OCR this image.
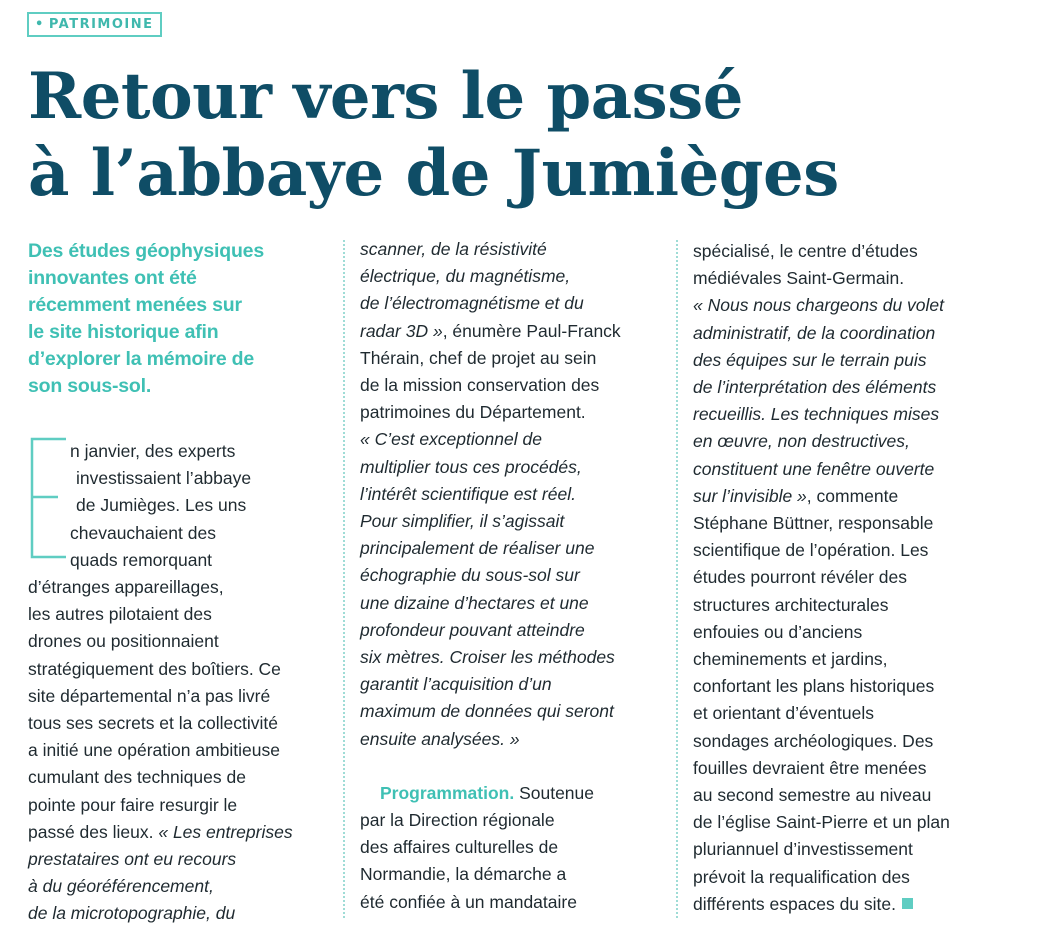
• PATRIMOINE
Retour vers le passé
à l’abbaye de Jumièges

Des études géophysiques
innovantes ont été
récemment menées sur
le site historique afin
d’explorer la mémoire de
son sous-sol.

n janvier, des experts
investissaient l’abbaye
de Jumièges. Les uns
chevauchaient des
quads remorquant
d’étranges appareillages,
les autres pilotaient des
drones ou positionnaient
stratégiquement des boîtiers. Ce
site départemental n’a pas livré
tous ses secrets et la collectivité
a initié une opération ambitieuse
cumulant des techniques de
pointe pour faire resurgir le
passé des lieux. « Les entreprises
prestataires ont eu recours
à du géoréférencement,
de la microtopographie, du

scanner, de la résistivité
électrique, du magnétisme,
de l’électromagnétisme et du
radar 3D », énumère Paul-Franck
Thérain, chef de projet au sein
de la mission conservation des
patrimoines du Département.
« C’est exceptionnel de
multiplier tous ces procédés,
l’intérêt scientifique est réel.
Pour simplifier, il s’agissait
principalement de réaliser une
échographie du sous-sol sur
une dizaine d’hectares et une
profondeur pouvant atteindre
six mètres. Croiser les méthodes
garantit l’acquisition d’un
maximum de données qui seront
ensuite analysées. »

Programmation. Soutenue
par la Direction régionale
des affaires culturelles de
Normandie, la démarche a
été confiée à un mandataire

spécialisé, le centre d’études
médiévales Saint-Germain.
« Nous nous chargeons du volet
administratif, de la coordination
des équipes sur le terrain puis
de l’interprétation des éléments
recueillis. Les techniques mises
en œuvre, non destructives,
constituent une fenêtre ouverte
sur l’invisible », commente
Stéphane Büttner, responsable
scientifique de l’opération. Les
études pourront révéler des
structures architecturales
enfouies ou d’anciens
cheminements et jardins,
confortant les plans historiques
et orientant d’éventuels
sondages archéologiques. Des
fouilles devraient être menées
au second semestre au niveau
de l’église Saint-Pierre et un plan
pluriannuel d’investissement
prévoit la requalification des
différents espaces du site.
